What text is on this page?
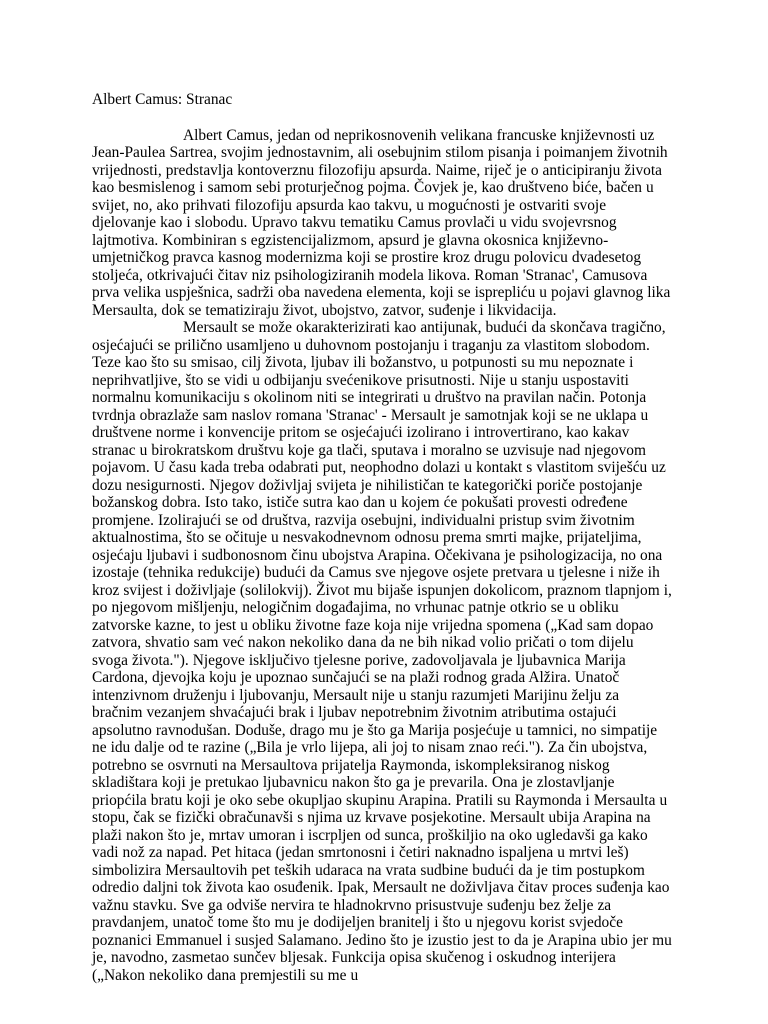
Albert Camus: Stranac

Albert Camus, jedan od neprikosnovenih velikana francuske književnosti uz Jean-Paulea Sartrea, svojim jednostavnim, ali osebujnim stilom pisanja i poimanjem životnih vrijednosti, predstavlja kontoverznu filozofiju apsurda. Naime, riječ je o anticipiranju života kao besmislenog i samom sebi proturječnog pojma. Čovjek je, kao društveno biće, bačen u svijet, no, ako prihvati filozofiju apsurda kao takvu, u mogućnosti je ostvariti svoje djelovanje kao i slobodu. Upravo takvu tematiku Camus provlači u vidu svojevrsnog lajtmotiva. Kombiniran s egzistencijalizmom, apsurd je glavna okosnica književno-umjetničkog pravca kasnog modernizma koji se prostire kroz drugu polovicu dvadesetog stoljeća, otkrivajući čitav niz psihologiziranih modela likova. Roman 'Stranac', Camusova prva velika uspješnica, sadrži oba navedena elementa, koji se isprepliću u pojavi glavnog lika Mersaulta, dok se tematiziraju život, ubojstvo, zatvor, suđenje i likvidacija.

Mersault se može okarakterizirati kao antijunak, budući da skončava tragično, osjećajući se prilično usamljeno u duhovnom postojanju i traganju za vlastitom slobodom. Teze kao što su smisao, cilj života, ljubav ili božanstvo, u potpunosti su mu nepoznate i neprihvatljive, što se vidi u odbijanju svećenikove prisutnosti. Nije u stanju uspostaviti normalnu komunikaciju s okolinom niti se integrirati u društvo na pravilan način. Potonja tvrdnja obrazlaže sam naslov romana 'Stranac' - Mersault je samotnjak koji se ne uklapa u društvene norme i konvencije pritom se osjećajući izolirano i introvertirano, kao kakav stranac u birokratskom društvu koje ga tlači, sputava i moralno se uzvisuje nad njegovom pojavom. U času kada treba odabrati put, neophodno dolazi u kontakt s vlastitom sviješću uz dozu nesigurnosti. Njegov doživljaj svijeta je nihilističan te kategorički poriče postojanje božanskog dobra. Isto tako, ističe sutra kao dan u kojem će pokušati provesti određene promjene. Izolirajući se od društva, razvija osebujni, individualni pristup svim životnim aktualnostima, što se očituje u nesvakodnevnom odnosu prema smrti majke, prijateljima, osjećaju ljubavi i sudbonosnom činu ubojstva Arapina. Očekivana je psihologizacija, no ona izostaje (tehnika redukcije) budući da Camus sve njegove osjete pretvara u tjelesne i niže ih kroz svijest i doživljaje (solilokvij). Život mu bijaše ispunjen dokolicom, praznom tlapnjom i, po njegovom mišljenju, nelogičnim događajima, no vrhunac patnje otkrio se u obliku zatvorske kazne, to jest u obliku životne faze koja nije vrijedna spomena („Kad sam dopao zatvora, shvatio sam već nakon nekoliko dana da ne bih nikad volio pričati o tom dijelu svoga života."). Njegove isključivo tjelesne porive, zadovoljavala je ljubavnica Marija Cardona, djevojka koju je upoznao sunčajući se na plaži rodnog grada Alžira. Unatoč intenzivnom druženju i ljubovanju, Mersault nije u stanju razumjeti Marijinu želju za bračnim vezanjem shvaćajući brak i ljubav nepotrebnim životnim atributima ostajući apsolutno ravnodušan. Doduše, drago mu je što ga Marija posjećuje u tamnici, no simpatije ne idu dalje od te razine („Bila je vrlo lijepa, ali joj to nisam znao reći."). Za čin ubojstva, potrebno se osvrnuti na Mersaultova prijatelja Raymonda, iskompleksiranog niskog skladištara koji je pretukao ljubavnicu nakon što ga je prevarila. Ona je zlostavljanje priopćila bratu koji je oko sebe okupljao skupinu Arapina. Pratili su Raymonda i Mersaulta u stopu, čak se fizički obračunavši s njima uz krvave posjekotine. Mersault ubija Arapina na plaži nakon što je, mrtav umoran i iscrpljen od sunca, proškiljio na oko ugledavši ga kako vadi nož za napad. Pet hitaca (jedan smrtonosni i četiri naknadno ispaljena u mrtvi leš) simbolizira Mersaultovih pet teških udaraca na vrata sudbine budući da je tim postupkom odredio daljni tok života kao osuđenik. Ipak, Mersault ne doživljava čitav proces suđenja kao važnu stavku. Sve ga odviše nervira te hladnokrvno prisustvuje suđenju bez želje za pravdanjem, unatoč tome što mu je dodijeljen branitelj i što u njegovu korist svjedoče poznanici Emmanuel i susjed Salamano. Jedino što je izustio jest to da je Arapina ubio jer mu je, navodno, zasmetao sunčev bljesak. Funkcija opisa skučenog i oskudnog interijera („Nakon nekoliko dana premjestili su me u
